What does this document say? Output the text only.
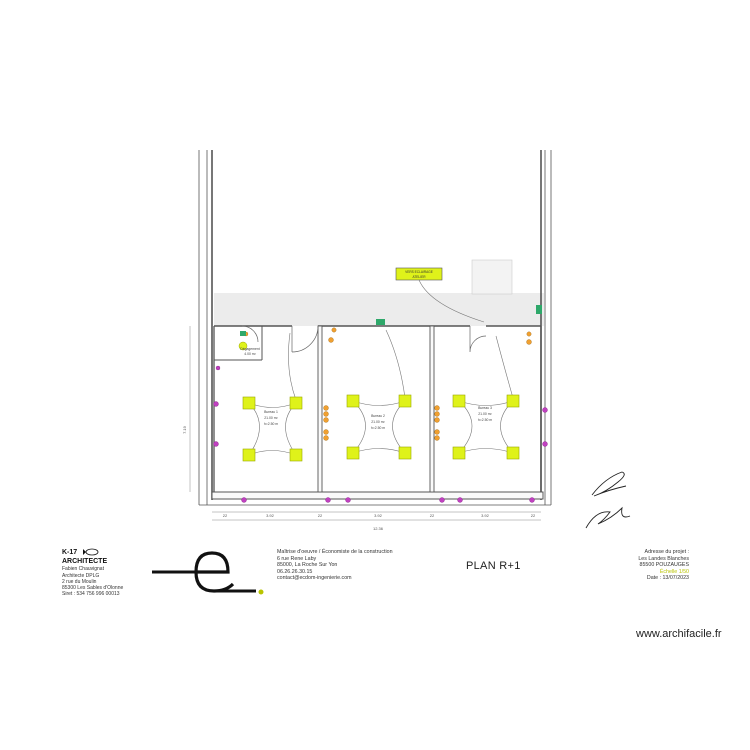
VERS ECLAIRAGE
ATELIER
Bureau 1
21.00 m²
h=2.50 m
Bureau 2
21.00 m²
h=2.50 m
Bureau 3
21.00 m²
h=2.50 m
Dégagement
4.00 m²
7.19
22	3.92	22	3.92	22	3.92	22
12.36
K-17
ARCHITECTE
Fabien Chauvignat
Architecte DPLG
2 rue du Moulin
85300 Les Sables d'Olonne
Siret : 534 756 996 00013
Maîtrise d'oeuvre / Économiste de la construction
6 rue Rene Laby
85000, La Roche Sur Yon
06.26.26.30.15
contact@ecdom-ingenierie.com
PLAN R+1
Adresse du projet :
Les Landes Blanches
85500 POUZAUGES
Échelle 1/50
Date : 13/07/2023
www.archifacile.fr
